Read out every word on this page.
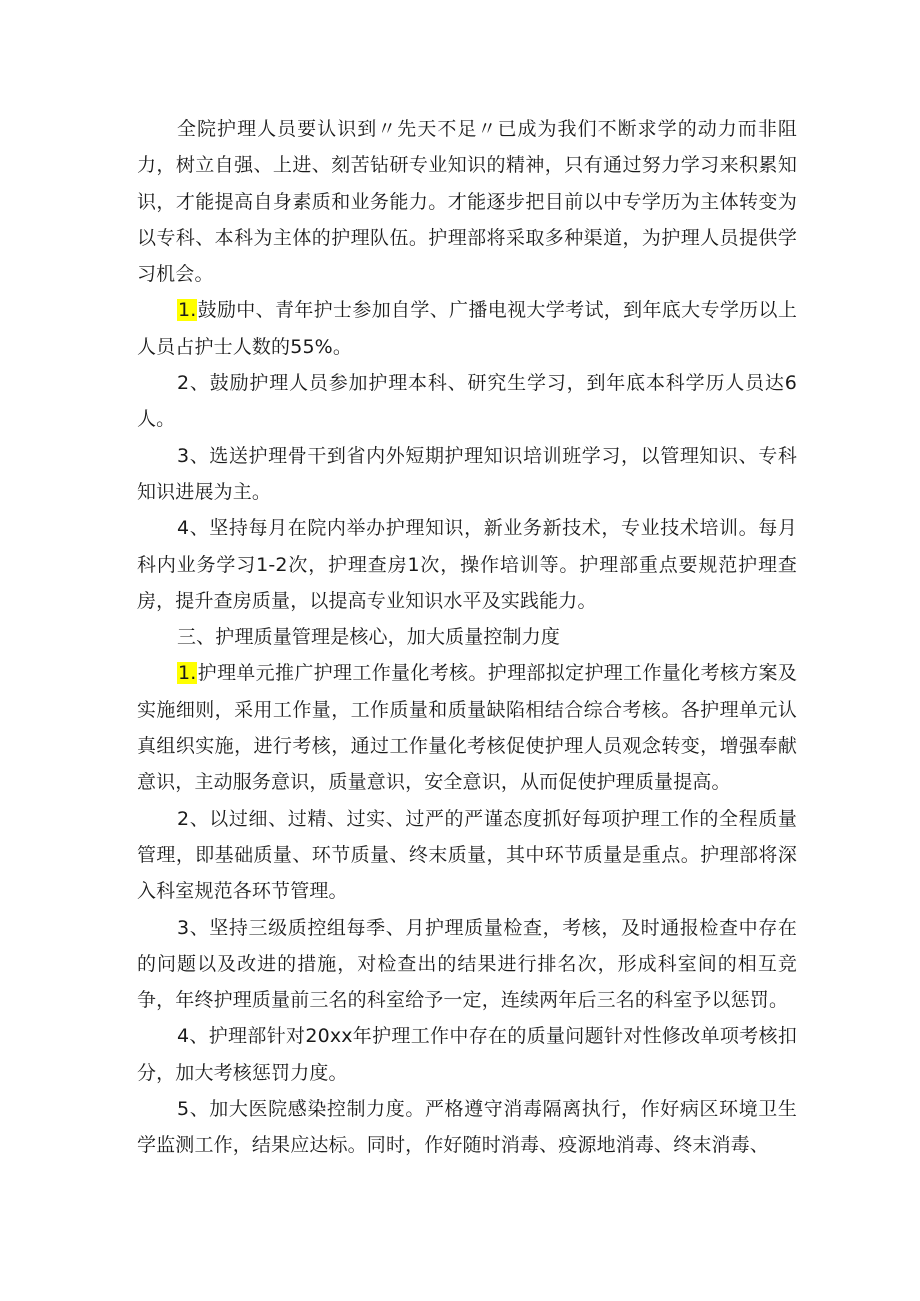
全院护理人员要认识到〃先天不足〃已成为我们不断求学的动力而非阻力，树立自强、上进、刻苦钻研专业知识的精神，只有通过努力学习来积累知识，才能提高自身素质和业务能力。才能逐步把目前以中专学历为主体转变为以专科、本科为主体的护理队伍。护理部将采取多种渠道，为护理人员提供学习机会。

1.鼓励中、青年护士参加自学、广播电视大学考试，到年底大专学历以上人员占护士人数的55%。

2、鼓励护理人员参加护理本科、研究生学习，到年底本科学历人员达6人。

3、选送护理骨干到省内外短期护理知识培训班学习，以管理知识、专科知识进展为主。

4、坚持每月在院内举办护理知识，新业务新技术，专业技术培训。每月科内业务学习1-2次，护理查房1次，操作培训等。护理部重点要规范护理查房，提升查房质量，以提高专业知识水平及实践能力。

三、护理质量管理是核心，加大质量控制力度

1.护理单元推广护理工作量化考核。护理部拟定护理工作量化考核方案及实施细则，采用工作量，工作质量和质量缺陷相结合综合考核。各护理单元认真组织实施，进行考核，通过工作量化考核促使护理人员观念转变，增强奉献意识，主动服务意识，质量意识，安全意识，从而促使护理质量提高。

2、以过细、过精、过实、过严的严谨态度抓好每项护理工作的全程质量管理，即基础质量、环节质量、终末质量，其中环节质量是重点。护理部将深入科室规范各环节管理。

3、坚持三级质控组每季、月护理质量检查，考核，及时通报检查中存在的问题以及改进的措施，对检查出的结果进行排名次，形成科室间的相互竞争，年终护理质量前三名的科室给予一定，连续两年后三名的科室予以惩罚。

4、护理部针对20xx年护理工作中存在的质量问题针对性修改单项考核扣分，加大考核惩罚力度。

5、加大医院感染控制力度。严格遵守消毒隔离执行，作好病区环境卫生学监测工作，结果应达标。同时，作好随时消毒、疫源地消毒、终末消毒、
